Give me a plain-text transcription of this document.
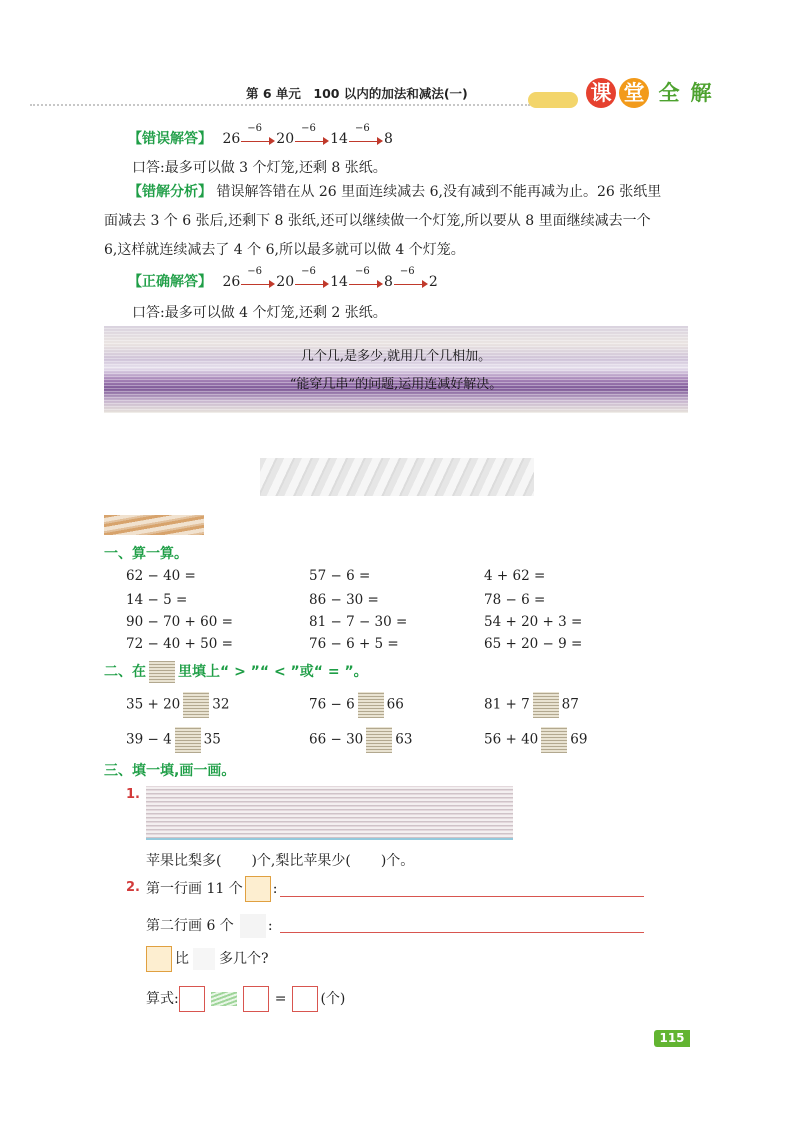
第 6 单元　100 以内的加法和减法(一)	课 堂 全 解
【错误解答】 26
−6
20
−6
14
−6
8
口答:最多可以做 3 个灯笼,还剩 8 张纸。
【错解分析】 错误解答错在从 26 里面连续减去 6,没有减到不能再减为止。26 张纸里
面减去 3 个 6 张后,还剩下 8 张纸,还可以继续做一个灯笼,所以要从 8 里面继续减去一个
6,这样就连续减去了 4 个 6,所以最多就可以做 4 个灯笼。
【正确解答】 26
−6
20
−6
14
−6
8
−6
2
口答:最多可以做 4 个灯笼,还剩 2 张纸。
几个几,是多少,就用几个几相加。
“能穿几串”的问题,运用连减好解决。
一、算一算。
62 − 40 =	57 − 6 =	4 + 62 =
14 − 5 =	86 − 30 =	78 − 6 =
90 − 70 + 60 =	81 − 7 − 30 =	54 + 20 + 3 =
72 − 40 + 50 =	76 − 6 + 5 =	65 + 20 − 9 =
二、在 里填上“ > ”“ < ”或“ = ”。
35 + 20 32	76 − 6 66	81 + 7 87
39 − 4 35	66 − 30 63	56 + 40 69
三、填一填,画一画。
1.
苹果比梨多( )个,梨比苹果少( )个。
2. 第一行画 11 个 :
第二行画 6 个 :
比 多几个?
算式:	= (个)
115
